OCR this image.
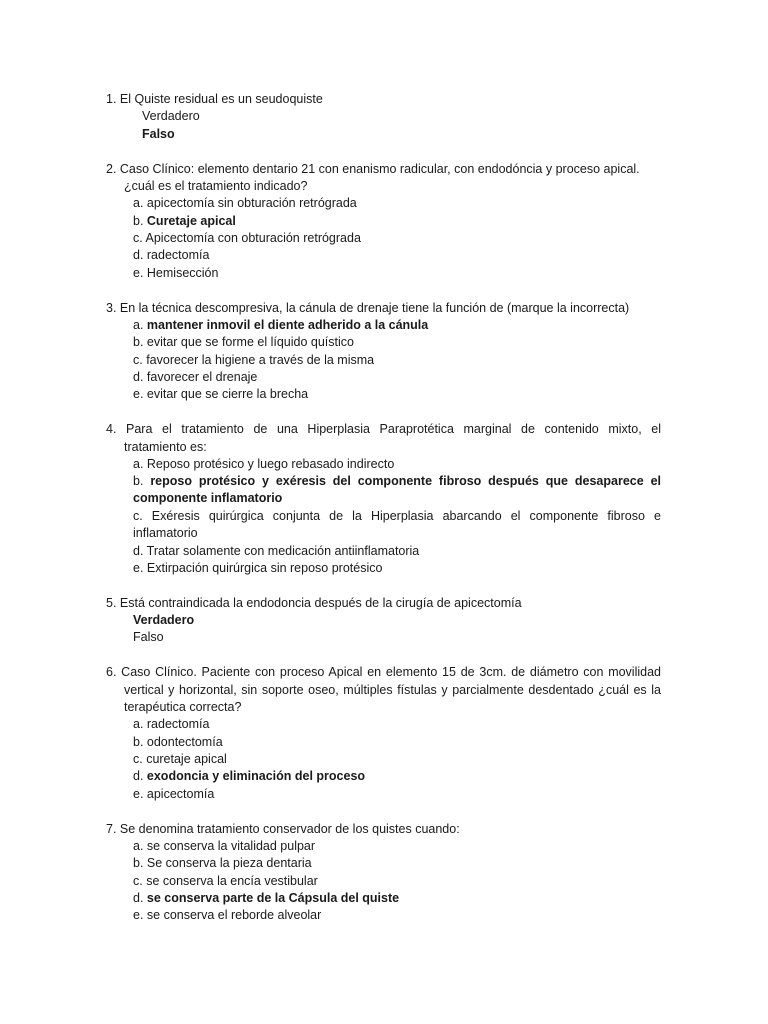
1. El Quiste residual es un seudoquiste
Verdadero
Falso
2. Caso Clínico: elemento dentario 21 con enanismo radicular, con endodóncia y proceso apical.
¿cuál es el tratamiento indicado?
a. apicectomía sin obturación retrógrada
b. Curetaje apical
c. Apicectomía con obturación retrógrada
d. radectomía
e. Hemisección
3. En la técnica descompresiva, la cánula de drenaje tiene la función de (marque la incorrecta)
a. mantener inmovil el diente adherido a la cánula
b. evitar que se forme el líquido quístico
c. favorecer la higiene a través de la misma
d. favorecer el drenaje
e. evitar que se cierre la brecha
4. Para el tratamiento de una Hiperplasia Paraprotética marginal de contenido mixto, el
tratamiento es:
a. Reposo protésico y luego rebasado indirecto
b. reposo protésico y exéresis del componente fibroso después que desaparece el
componente inflamatorio
c. Exéresis quirúrgica conjunta de la Hiperplasia abarcando el componente fibroso e
inflamatorio
d. Tratar solamente con medicación antiinflamatoria
e. Extirpación quirúrgica sin reposo protésico
5. Está contraindicada la endodoncia después de la cirugía de apicectomía
Verdadero
Falso
6. Caso Clínico. Paciente con proceso Apical en elemento 15 de 3cm. de diámetro con movilidad
vertical y horizontal, sin soporte oseo, múltiples fístulas y parcialmente desdentado ¿cuál es la
terapéutica correcta?
a. radectomía
b. odontectomía
c. curetaje apical
d. exodoncia y eliminación del proceso
e. apicectomía
7. Se denomina tratamiento conservador de los quistes cuando:
a. se conserva la vitalidad pulpar
b. Se conserva la pieza dentaria
c. se conserva la encía vestibular
d. se conserva parte de la Cápsula del quiste
e. se conserva el reborde alveolar
